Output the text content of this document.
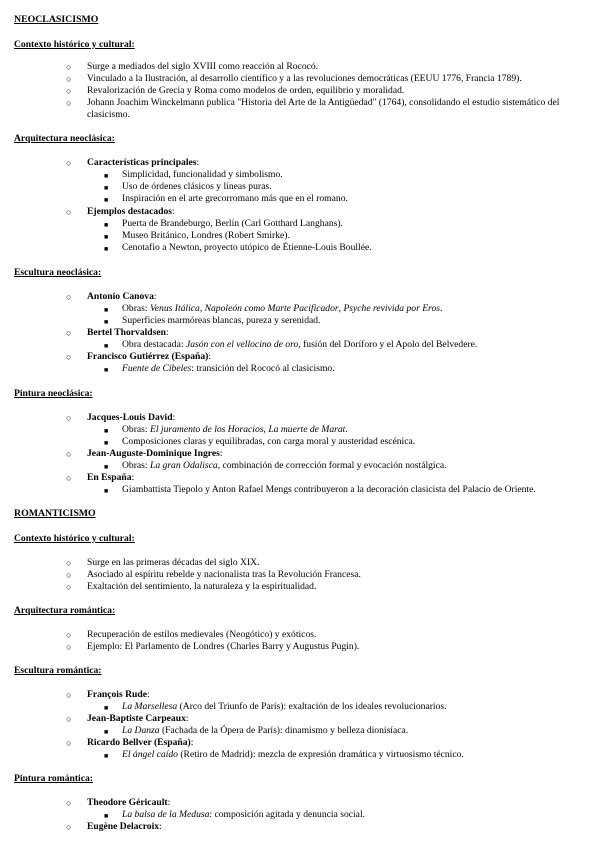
NEOCLASICISMO
Contexto histórico y cultural:
○ Surge a mediados del siglo XVIII como reacción al Rococó.
○ Vinculado a la Ilustración, al desarrollo científico y a las revoluciones democráticas (EEUU 1776, Francia 1789).
○ Revalorización de Grecia y Roma como modelos de orden, equilibrio y moralidad.
○ Johann Joachim Winckelmann publica "Historia del Arte de la Antigüedad" (1764), consolidando el estudio sistemático del
clasicismo.
Arquitectura neoclásica:
○ Características principales:
■ Simplicidad, funcionalidad y simbolismo.
■ Uso de órdenes clásicos y líneas puras.
■ Inspiración en el arte grecorromano más que en el romano.
○ Ejemplos destacados:
■ Puerta de Brandeburgo, Berlín (Carl Gotthard Langhans).
■ Museo Británico, Londres (Robert Smirke).
■ Cenotafio a Newton, proyecto utópico de Étienne-Louis Boullée.
Escultura neoclásica:
○ Antonio Canova:
■ Obras: Venus Itálica, Napoleón como Marte Pacificador, Psyche revivida por Eros.
■ Superficies marmóreas blancas, pureza y serenidad.
○ Bertel Thorvaldsen:
■ Obra destacada: Jasón con el vellocino de oro, fusión del Doríforo y el Apolo del Belvedere.
○ Francisco Gutiérrez (España):
■ Fuente de Cibeles: transición del Rococó al clasicismo.
Pintura neoclásica:
○ Jacques-Louis David:
■ Obras: El juramento de los Horacios, La muerte de Marat.
■ Composiciones claras y equilibradas, con carga moral y austeridad escénica.
○ Jean-Auguste-Dominique Ingres:
■ Obras: La gran Odalisca, combinación de corrección formal y evocación nostálgica.
○ En España:
■ Giambattista Tiepolo y Anton Rafael Mengs contribuyeron a la decoración clasicista del Palacio de Oriente.
ROMANTICISMO
Contexto histórico y cultural:
○ Surge en las primeras décadas del siglo XIX.
○ Asociado al espíritu rebelde y nacionalista tras la Revolución Francesa.
○ Exaltación del sentimiento, la naturaleza y la espiritualidad.
Arquitectura romántica:
○ Recuperación de estilos medievales (Neogótico) y exóticos.
○ Ejemplo: El Parlamento de Londres (Charles Barry y Augustus Pugin).
Escultura romántica:
○ François Rude:
■ La Marsellesa (Arco del Triunfo de París): exaltación de los ideales revolucionarios.
○ Jean-Baptiste Carpeaux:
■ La Danza (Fachada de la Ópera de París): dinamismo y belleza dionisíaca.
○ Ricardo Bellver (España):
■ El ángel caído (Retiro de Madrid): mezcla de expresión dramática y virtuosismo técnico.
Pintura romántica:
○ Theodore Géricault:
■ La balsa de la Medusa: composición agitada y denuncia social.
○ Eugène Delacroix:
